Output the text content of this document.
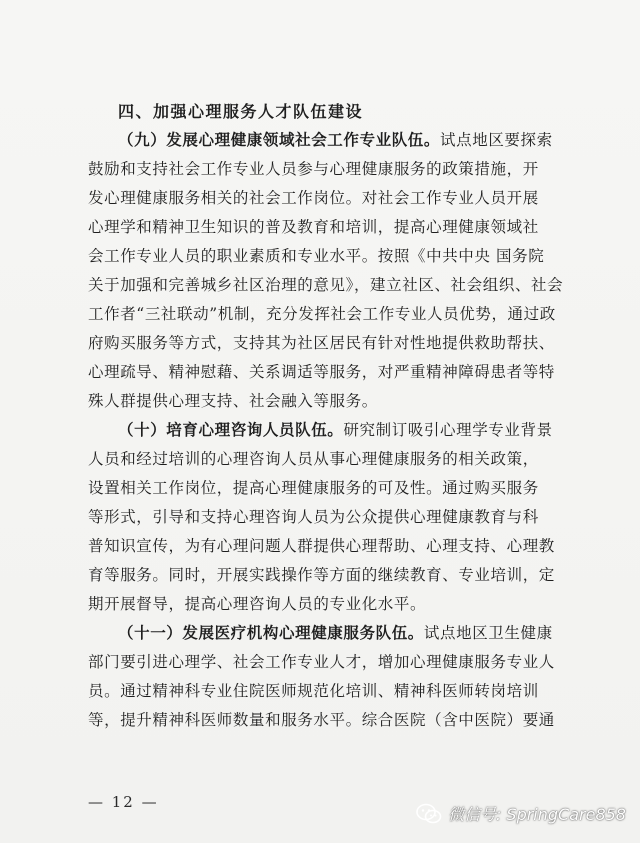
四、加强心理服务人才队伍建设
（九）发展心理健康领域社会工作专业队伍。试点地区要探索
鼓励和支持社会工作专业人员参与心理健康服务的政策措施，开
发心理健康服务相关的社会工作岗位。对社会工作专业人员开展
心理学和精神卫生知识的普及教育和培训，提高心理健康领域社
会工作专业人员的职业素质和专业水平。按照《中共中央 国务院
关于加强和完善城乡社区治理的意见》，建立社区、社会组织、社会
工作者“三社联动”机制，充分发挥社会工作专业人员优势，通过政
府购买服务等方式，支持其为社区居民有针对性地提供救助帮扶、
心理疏导、精神慰藉、关系调适等服务，对严重精神障碍患者等特
殊人群提供心理支持、社会融入等服务。
（十）培育心理咨询人员队伍。研究制订吸引心理学专业背景
人员和经过培训的心理咨询人员从事心理健康服务的相关政策，
设置相关工作岗位，提高心理健康服务的可及性。通过购买服务
等形式，引导和支持心理咨询人员为公众提供心理健康教育与科
普知识宣传，为有心理问题人群提供心理帮助、心理支持、心理教
育等服务。同时，开展实践操作等方面的继续教育、专业培训，定
期开展督导，提高心理咨询人员的专业化水平。
（十一）发展医疗机构心理健康服务队伍。试点地区卫生健康
部门要引进心理学、社会工作专业人才，增加心理健康服务专业人
员。通过精神科专业住院医师规范化培训、精神科医师转岗培训
等，提升精神科医师数量和服务水平。综合医院（含中医院）要通
— 12 —
微信号: SpringCare858
